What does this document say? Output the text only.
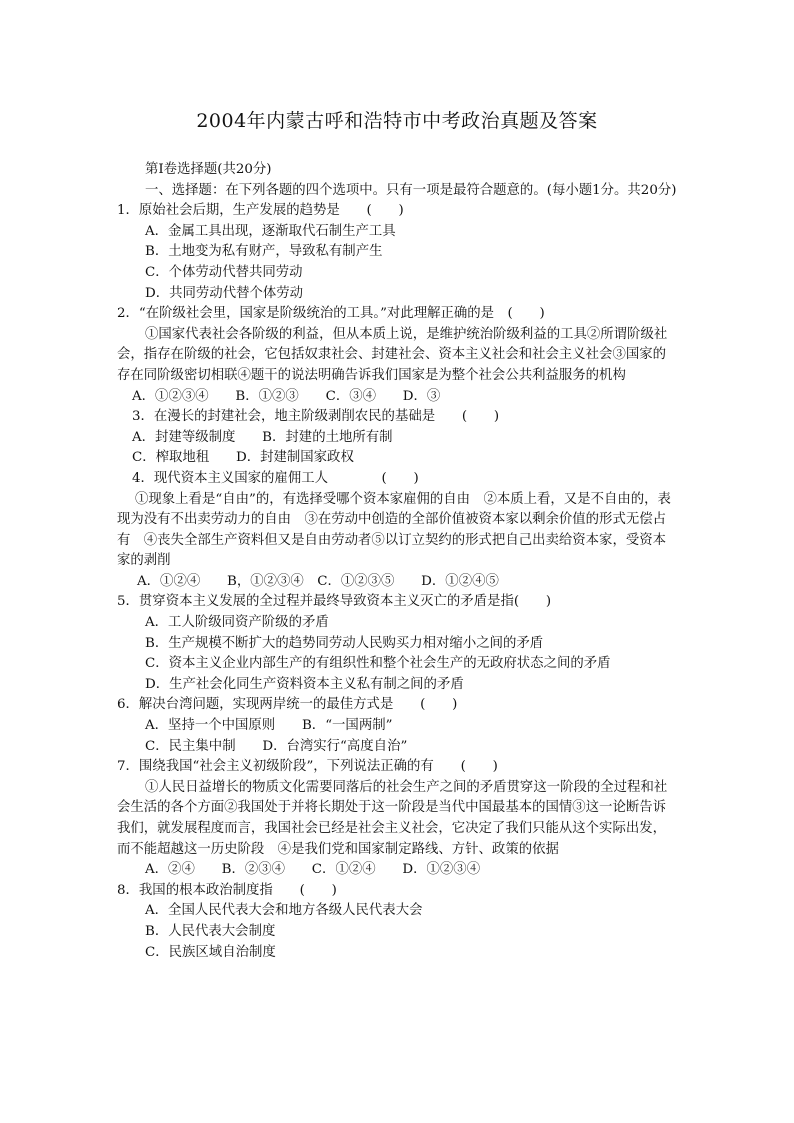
2004年内蒙古呼和浩特市中考政治真题及答案
第Ⅰ卷选择题(共20分)
一、选择题：在下列各题的四个选项中。只有一项是最符合题意的。(每小题1分。共20分)
1．原始社会后期，生产发展的趋势是　　(　　)
A．金属工具出现，逐渐取代石制生产工具
B．土地变为私有财产，导致私有制产生
C．个体劳动代替共同劳动
D．共同劳动代替个体劳动
2．“在阶级社会里，国家是阶级统治的工具。”对此理解正确的是　(　　)
①国家代表社会各阶级的利益，但从本质上说，是维护统治阶级利益的工具②所谓阶级社会，指存在阶级的社会，它包括奴隶社会、封建社会、资本主义社会和社会主义社会③国家的存在同阶级密切相联④题干的说法明确告诉我们国家是为整个社会公共利益服务的机构
A．①②③④　　B．①②③　　C．③④　　D．③
3．在漫长的封建社会，地主阶级剥削农民的基础是　　(　　)
A．封建等级制度　　B．封建的土地所有制
C．榨取地租　　D．封建制国家政权
4．现代资本主义国家的雇佣工人　　　　(　　)
①现象上看是“自由”的，有选择受哪个资本家雇佣的自由　②本质上看，又是不自由的，表现为没有不出卖劳动力的自由　③在劳动中创造的全部价值被资本家以剩余价值的形式无偿占有　④丧失全部生产资料但又是自由劳动者⑤以订立契约的形式把自己出卖给资本家，受资本家的剥削
A．①②④　　B，①②③④　C．①②③⑤　　D．①②④⑤
5．贯穿资本主义发展的全过程并最终导致资本主义灭亡的矛盾是指(　　)
A．工人阶级同资产阶级的矛盾
B．生产规模不断扩大的趋势同劳动人民购买力相对缩小之间的矛盾
C．资本主义企业内部生产的有组织性和整个社会生产的无政府状态之间的矛盾
D．生产社会化同生产资料资本主义私有制之间的矛盾
6．解决台湾问题，实现两岸统一的最佳方式是　　(　　)
A．坚持一个中国原则　　B．“一国两制”
C．民主集中制　　D．台湾实行“高度自治”
7．围绕我国“社会主义初级阶段”，下列说法正确的有　　(　　)
①人民日益增长的物质文化需要同落后的社会生产之间的矛盾贯穿这一阶段的全过程和社会生活的各个方面②我国处于并将长期处于这一阶段是当代中国最基本的国情③这一论断告诉我们，就发展程度而言，我国社会已经是社会主义社会，它决定了我们只能从这个实际出发，而不能超越这一历史阶段　④是我们党和国家制定路线、方针、政策的依据
A．②④　　B．②③④　　C．①②④　　D．①②③④
8．我国的根本政治制度指　　(　　)
A．全国人民代表大会和地方各级人民代表大会
B．人民代表大会制度
C．民族区域自治制度
